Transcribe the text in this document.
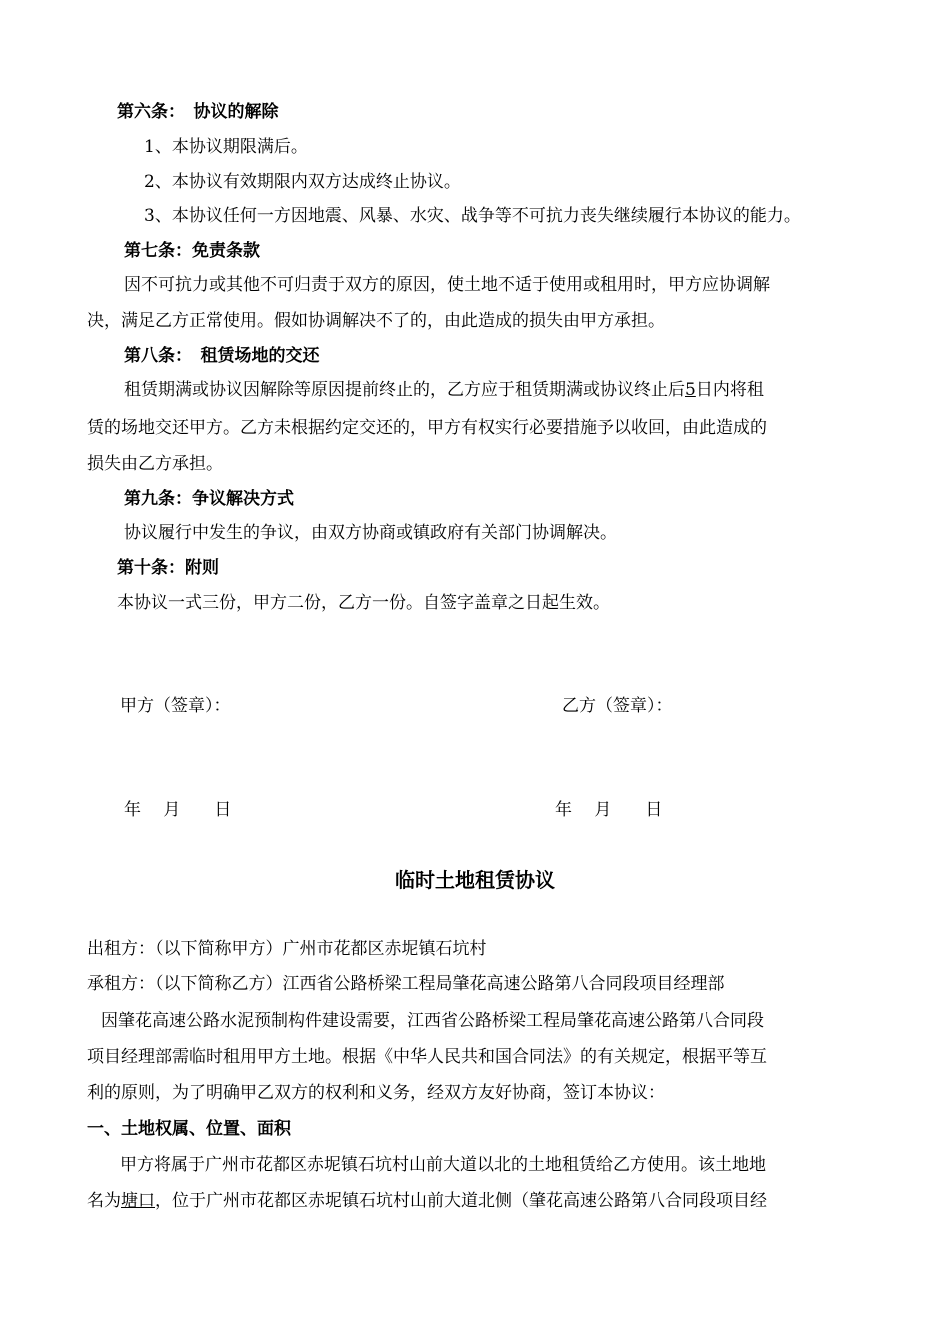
第六条：　协议的解除
1、本协议期限满后。
2、本协议有效期限内双方达成终止协议。
3、本协议任何一方因地震、风暴、水灾、战争等不可抗力丧失继续履行本协议的能力。
第七条：免责条款
因不可抗力或其他不可归责于双方的原因，使土地不适于使用或租用时，甲方应协调解
决，满足乙方正常使用。假如协调解决不了的，由此造成的损失由甲方承担。
第八条：　租赁场地的交还
租赁期满或协议因解除等原因提前终止的，乙方应于租赁期满或协议终止后5日内将租
赁的场地交还甲方。乙方未根据约定交还的，甲方有权实行必要措施予以收回，由此造成的
损失由乙方承担。
第九条：争议解决方式
协议履行中发生的争议，由双方协商或镇政府有关部门协调解决。
第十条：附则
本协议一式三份，甲方二份，乙方一份。自签字盖章之日起生效。
甲方（签章）：	乙方（签章）：
年　 月　　日	年　 月　　日
临时土地租赁协议
出租方：（以下简称甲方）广州市花都区赤坭镇石坑村
承租方：（以下简称乙方）江西省公路桥梁工程局肇花高速公路第八合同段项目经理部
因肇花高速公路水泥预制构件建设需要，江西省公路桥梁工程局肇花高速公路第八合同段
项目经理部需临时租用甲方土地。根据《中华人民共和国合同法》的有关规定，根据平等互
利的原则，为了明确甲乙双方的权利和义务，经双方友好协商，签订本协议：
一、土地权属、位置、面积
甲方将属于广州市花都区赤坭镇石坑村山前大道以北的土地租赁给乙方使用。该土地地
名为塘口，位于广州市花都区赤坭镇石坑村山前大道北侧（肇花高速公路第八合同段项目经
